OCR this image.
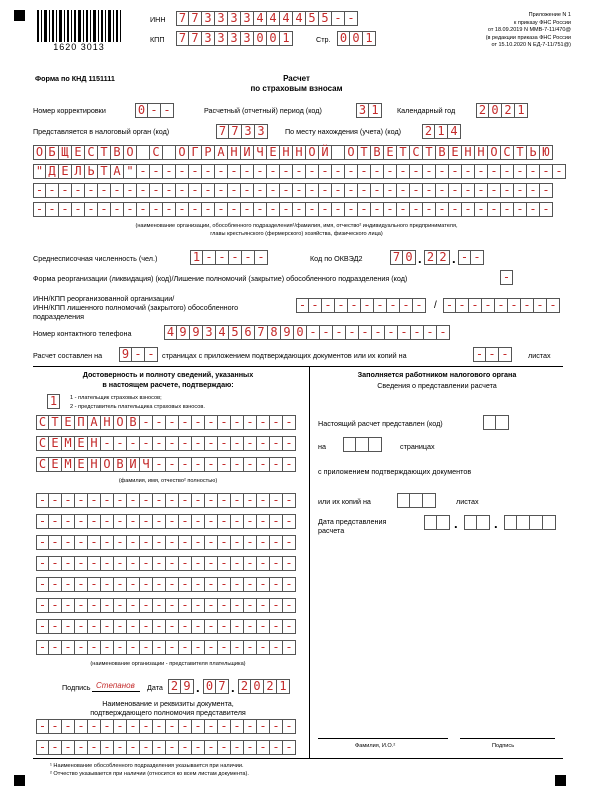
1620 3013
ИНН 7 7 3 3 3 3 4 4 4 4 5 5 - -
КПП 7 7 3 3 3 3 0 0 1	Стр. 0 0 1
Приложение N 1
к приказу ФНС России
от 18.09.2019 N ММВ-7-11/470@
(в редакции приказа ФНС России
от 15.10.2020 N ЕД-7-11/751@)
Форма по КНД 1151111	Расчет
по страховым взносам
Номер корректировки	0 - -	Расчетный (отчетный) период (код)	3 1	Календарный год 2 0 2 1
Представляется в налоговый орган (код)	7 7 3 3	По месту нахождения (учета) (код) 2 1 4
О Б Щ Е С Т В О С О Г Р А Н И Ч Е Н Н О Й О Т В Е Т С Т В Е Н Н О С Т Ь Ю
" Д Е Л Ь Т А " - - - - - - - - - - - - - - - - - - - - - - - - - - - - - - - - -
- - - - - - - - - - - - - - - - - - - - - - - - - - - - - - - - - - - - - - - -
- - - - - - - - - - - - - - - - - - - - - - - - - - - - - - - - - - - - - - - -
(наименование организации, обособленного подразделения¹/фамилия, имя, отчество² индивидуального предпринимателя,
главы крестьянского (фермерского) хозяйства, физического лица)
Среднесписочная численность (чел.)	1 - - - - -	Код по ОКВЭД2	7 0 . 2 2 . - -
Форма реорганизации (ликвидация) (код)/Лишение полномочий (закрытие) обособленного подразделения (код)	-
ИНН/КПП реорганизованной организации/
ИНН/КПП лишенного полномочий (закрытого) обособленного
подразделения
- - - - - - - - - -	/ - - - - - - - - -
Номер контактного телефона	4 9 9 3 4 5 6 7 8 9 0 - - - - - - - - - - -
Расчет составлен на 9 - -	страницах с приложением подтверждающих документов или их копий на	- - -	листах
Достоверность и полноту сведений, указанных
в настоящем расчете, подтверждаю:
1	1 - плательщик страховых взносов;
2 - представитель плательщика страховых взносов.
С Т Е П А Н О В - - - - - - - - - - - -
С Е М Е Н - - - - - - - - - - - - - - -
С Е М Е Н О В И Ч - - - - - - - - - - -
(фамилия, имя, отчество² полностью)
- - - - - - - - - - - - - - - - - - - -
- - - - - - - - - - - - - - - - - - - -
- - - - - - - - - - - - - - - - - - - -
- - - - - - - - - - - - - - - - - - - -
- - - - - - - - - - - - - - - - - - - -
- - - - - - - - - - - - - - - - - - - -
- - - - - - - - - - - - - - - - - - - -
- - - - - - - - - - - - - - - - - - - -
(наименование организации - представителя плательщика)
Подпись Степанов Дата 2 9 . 0 7 . 2 0 2 1
Наименование и реквизиты документа,
подтверждающего полномочия представителя
- - - - - - - - - - - - - - - - - - - -
- - - - - - - - - - - - - - - - - - - -
Заполняется работником налогового органа
Сведения о представлении расчета
Настоящий расчет представлен (код)
на	страницах
с приложением подтверждающих документов
или их копий на	листах
Дата представления
расчета	.	.
Фамилия, И.О.²	Подпись
¹ Наименование обособленного подразделения указывается при наличии.
² Отчество указывается при наличии (относится ко всем листам документа).
